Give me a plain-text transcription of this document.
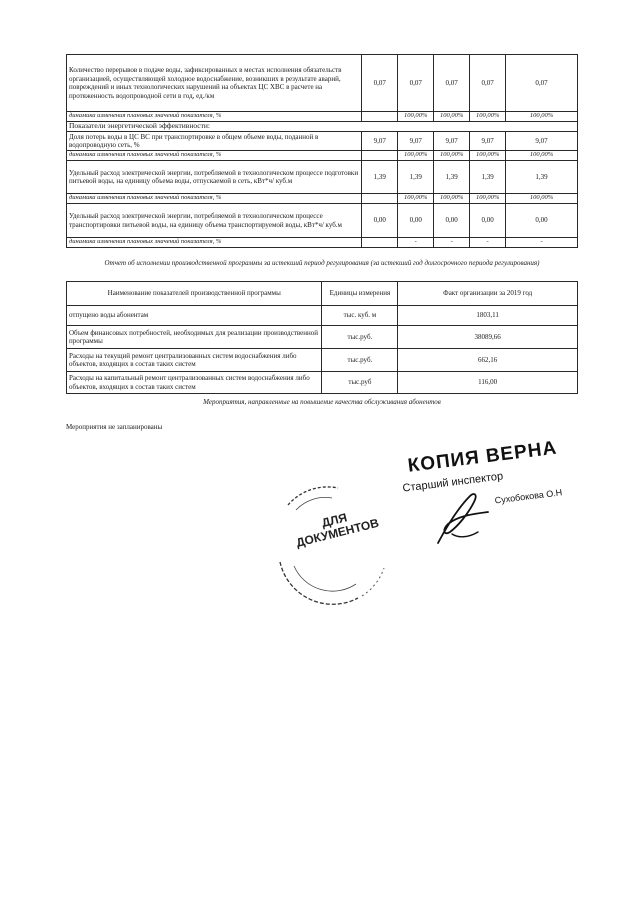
Количество перерывов в подаче воды, зафиксированных в местах исполнения обязательств организацией, осуществляющей холодное водоснабжение, возникших в результате аварий, повреждений и иных технологических нарушений на объектах ЦС ХВС в расчете на протяженность водопроводной сети в год, ед./км	0,07	0,07	0,07	0,07	0,07
динамика изменения плановых значений показателя, %		100,00%	100,00%	100,00%	100,00%
Показатели энергетической эффективности:					
Доля потерь воды в ЦС ВС при транспортировке в общем объеме воды, поданной в водопроводную сеть, %	9,07	9,07	9,07	9,07	9,07
динамика изменения плановых значений показателя, %		100,00%	100,00%	100,00%	100,00%
Удельный расход электрической энергии, потребляемой в технологическом процессе подготовки питьевой воды, на единицу объема воды, отпускаемой в сеть, кВт*ч/ куб.м	1,39	1,39	1,39	1,39	1,39
динамика изменения плановых значений показателя, %		100,00%	100,00%	100,00%	100,00%
Удельный расход электрической энергии, потребляемой в технологическом процессе транспортировки питьевой воды, на единицу объема транспортируемой воды, кВт*ч/ куб.м	0,00	0,00	0,00	0,00	0,00
динамика изменения плановых значений показателя, %		-	-	-	-
Отчет об исполнении производственной программы за истекший период регулирования (за истекший год долгосрочного периода регулирования)
Наименование показателей производственной программы	Единицы измерения	Факт организации за 2019 год
отпущено воды абонентам	тыс. куб. м	1803,11
Объем финансовых потребностей, необходимых для реализации производственной программы	тыс.руб.	38089,66
Расходы на текущий ремонт централизованных систем водоснабжения либо объектов, входящих в состав таких систем	тыс.руб.	662,16
Расходы на капитальный ремонт централизованных систем водоснабжения либо объектов, входящих в состав таких систем	тыс.руб	116,00
Мероприятия, направленные на повышение качества обслуживания абонентов
Мероприятия не запланированы
ДЛЯ ДОКУМЕНТОВ
КОПИЯ ВЕРНА
Старший инспектор
Сухобокова О.Н
